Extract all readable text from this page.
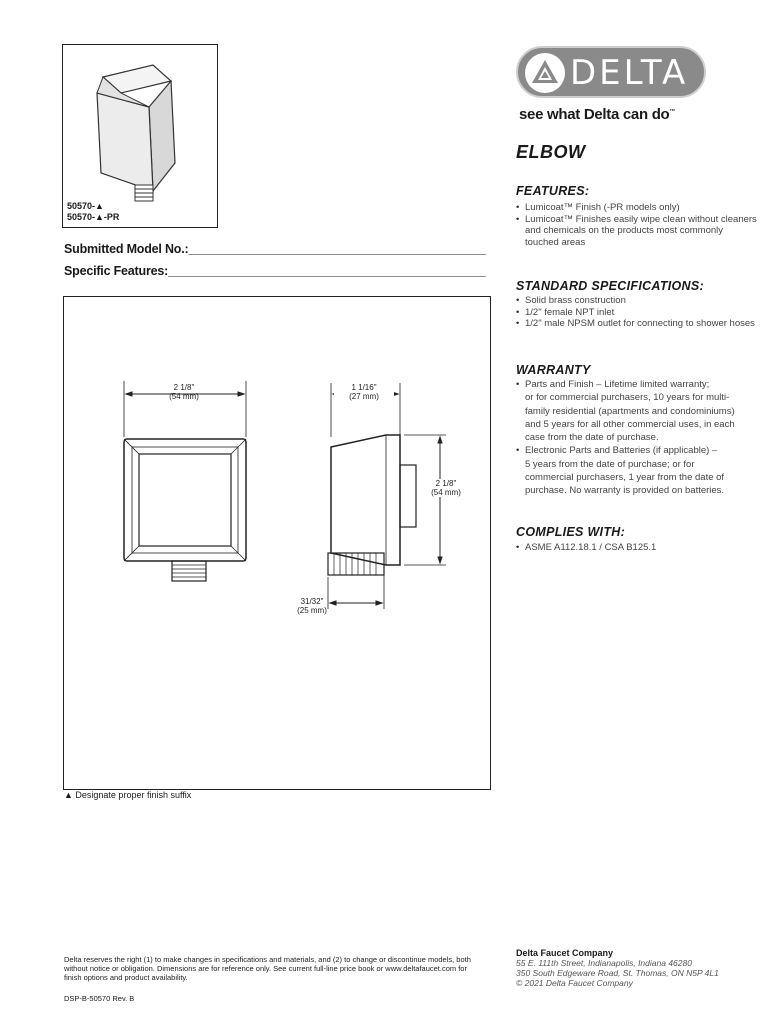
50570-▲
50570-▲-PR
DELTA
see what Delta can do™
ELBOW
FEATURES:
• Lumicoat™ Finish (-PR models only)
• Lumicoat™ Finishes easily wipe clean without cleaners
and chemicals on the products most commonly
touched areas
STANDARD SPECIFICATIONS:
• Solid brass construction
• 1/2" female NPT inlet
• 1/2" male NPSM outlet for connecting to shower hoses
WARRANTY
• Parts and Finish – Lifetime limited warranty;
or for commercial purchasers, 10 years for multi-
family residential (apartments and condominiums)
and 5 years for all other commercial uses, in each
case from the date of purchase.
• Electronic Parts and Batteries (if applicable) –
5 years from the date of purchase; or for
commercial purchasers, 1 year from the date of
purchase. No warranty is provided on batteries.
COMPLIES WITH:
• ASME A112.18.1 / CSA B125.1
Submitted Model No.:____________________________________________
Specific Features:_______________________________________________
2 1/8"
(54 mm)
1 1/16"
(27 mm)
2 1/8"
(54 mm)
31/32"
(25 mm)
▲ Designate proper finish suffix
Delta reserves the right (1) to make changes in specifications and materials, and (2) to change or discontinue models, both without notice or obligation. Dimensions are for reference only. See current full-line price book or www.deltafaucet.com for finish options and product availability.
DSP-B-50570 Rev. B
Delta Faucet Company
55 E. 111th Street, Indianapolis, Indiana 46280
350 South Edgeware Road, St. Thomas, ON N5P 4L1
© 2021 Delta Faucet Company
